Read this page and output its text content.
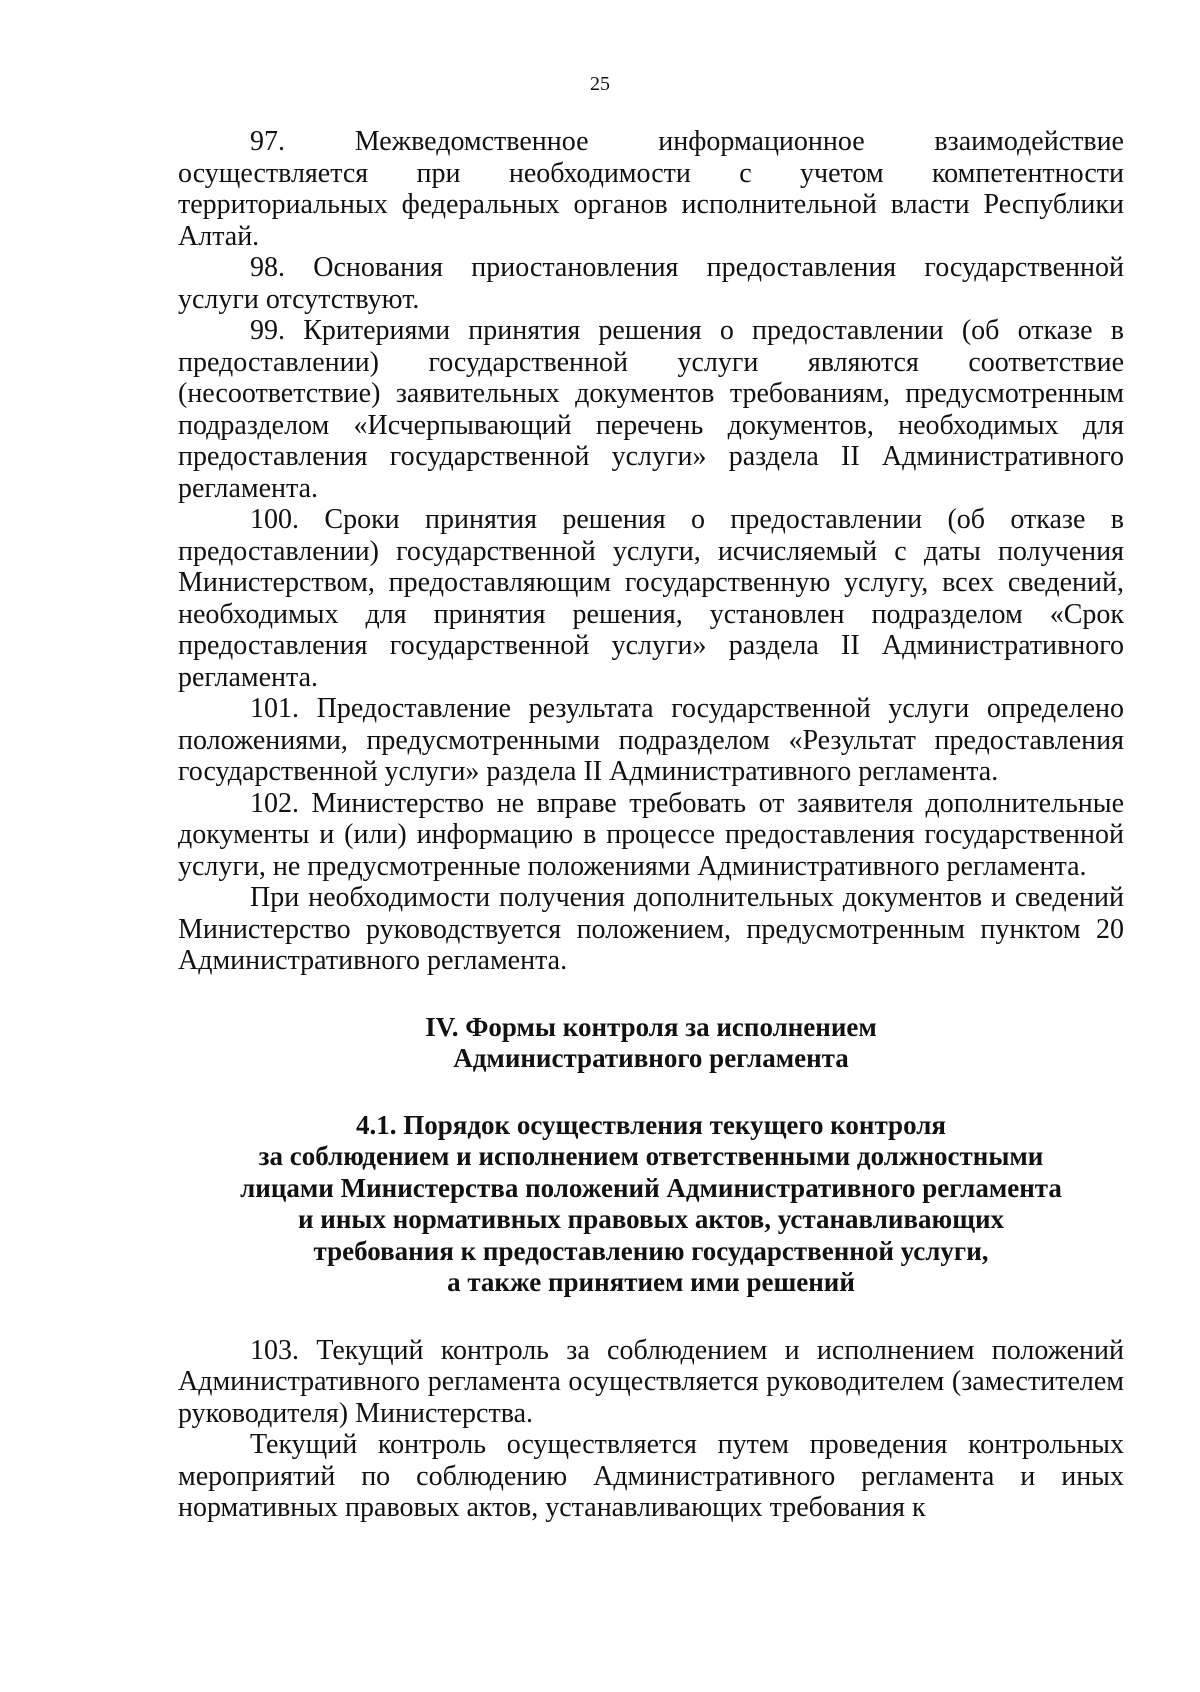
25

97. Межведомственное информационное взаимодействие осуществляется при необходимости с учетом компетентности территориальных федеральных органов исполнительной власти Республики Алтай.

98. Основания приостановления предоставления государственной услуги отсутствуют.

99. Критериями принятия решения о предоставлении (об отказе в предоставлении) государственной услуги являются соответствие (несоответствие) заявительных документов требованиям, предусмотренным подразделом «Исчерпывающий перечень документов, необходимых для предоставления государственной услуги» раздела II Административного регламента.

100. Сроки принятия решения о предоставлении (об отказе в предоставлении) государственной услуги, исчисляемый с даты получения Министерством, предоставляющим государственную услугу, всех сведений, необходимых для принятия решения, установлен подразделом «Срок предоставления государственной услуги» раздела II Административного регламента.

101. Предоставление результата государственной услуги определено положениями, предусмотренными подразделом «Результат предоставления государственной услуги» раздела II Административного регламента.

102. Министерство не вправе требовать от заявителя дополнительные документы и (или) информацию в процессе предоставления государственной услуги, не предусмотренные положениями Административного регламента.

При необходимости получения дополнительных документов и сведений Министерство руководствуется положением, предусмотренным пунктом 20 Административного регламента.

IV. Формы контроля за исполнением
Административного регламента
4.1. Порядок осуществления текущего контроля
за соблюдением и исполнением ответственными должностными
лицами Министерства положений Административного регламента
и иных нормативных правовых актов, устанавливающих
требования к предоставлению государственной услуги,
а также принятием ими решений

103. Текущий контроль за соблюдением и исполнением положений Административного регламента осуществляется руководителем (заместителем руководителя) Министерства.

Текущий контроль осуществляется путем проведения контрольных мероприятий по соблюдению Административного регламента и иных нормативных правовых актов, устанавливающих требования к
